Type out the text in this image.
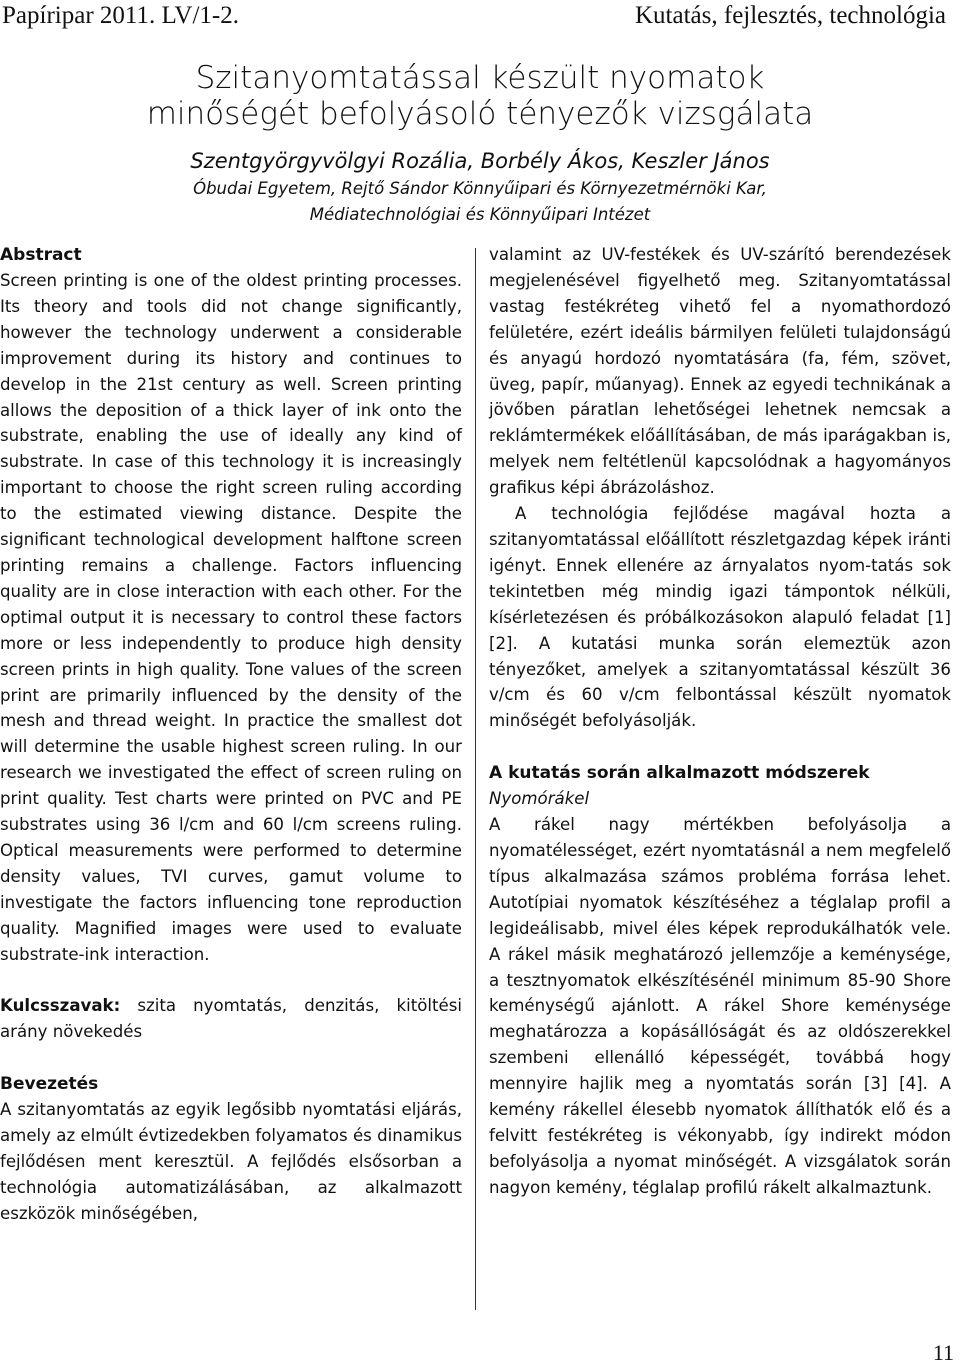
Papíripar 2011. LV/1-2.	Kutatás, fejlesztés, technológia
Szitanyomtatással készült nyomatok
minőségét befolyásoló tényezők vizsgálata
Szentgyörgyvölgyi Rozália, Borbély Ákos, Keszler János
Óbudai Egyetem, Rejtő Sándor Könnyűipari és Környezetmérnöki Kar,
Médiatechnológiai és Könnyűipari Intézet
Abstract

Screen printing is one of the oldest printing processes. Its theory and tools did not change significantly, however the technology underwent a considerable improvement during its history and continues to develop in the 21st century as well. Screen printing allows the deposition of a thick layer of ink onto the substrate, enabling the use of ideally any kind of substrate. In case of this technology it is increasingly important to choose the right screen ruling according to the estimated viewing distance. Despite the significant technological development halftone screen printing remains a challenge. Factors influencing quality are in close interaction with each other. For the optimal output it is necessary to control these factors more or less independently to produce high density screen prints in high quality. Tone values of the screen print are primarily influenced by the density of the mesh and thread weight. In practice the smallest dot will determine the usable highest screen ruling. In our research we investigated the effect of screen ruling on print quality. Test charts were printed on PVC and PE substrates using 36 l/cm and 60 l/cm screens ruling. Optical measurements were performed to determine density values, TVI curves, gamut volume to investigate the factors influencing tone reproduction quality. Magnified images were used to evaluate substrate-ink interaction.

Kulcsszavak: szita nyomtatás, denzitás, kitöltési arány növekedés

Bevezetés

A szitanyomtatás az egyik legősibb nyomtatási eljárás, amely az elmúlt évtizedekben folyamatos és dinamikus fejlődésen ment keresztül. A fejlődés elsősorban a technológia automatizálásában, az alkalmazott eszközök minőségében,

valamint az UV-festékek és UV-szárító berendezések megjelenésével figyelhető meg. Szitanyomtatással vastag festékréteg vihető fel a nyomathordozó felületére, ezért ideális bármilyen felületi tulajdonságú és anyagú hordozó nyomtatására (fa, fém, szövet, üveg, papír, műanyag). Ennek az egyedi technikának a jövőben páratlan lehetőségei lehetnek nemcsak a reklámtermékek előállításában, de más iparágakban is, melyek nem feltétlenül kapcsolódnak a hagyományos grafikus képi ábrázoláshoz.

A technológia fejlődése magával hozta a szitanyomtatással előállított részletgazdag képek iránti igényt. Ennek ellenére az árnyalatos nyom-tatás sok tekintetben még mindig igazi támpontok nélküli, kísérletezésen és próbálkozásokon alapuló feladat [1] [2]. A kutatási munka során elemeztük azon tényezőket, amelyek a szitanyomtatással készült 36 v/cm és 60 v/cm felbontással készült nyomatok minőségét befolyásolják.

A kutatás során alkalmazott módszerek

Nyomórákel

A rákel nagy mértékben befolyásolja a nyomatélességet, ezért nyomtatásnál a nem megfelelő típus alkalmazása számos probléma forrása lehet. Autotípiai nyomatok készítéséhez a téglalap profil a legideálisabb, mivel éles képek reprodukálhatók vele. A rákel másik meghatározó jellemzője a keménysége, a tesztnyomatok elkészítésénél minimum 85-90 Shore keménységű ajánlott. A rákel Shore keménysége meghatározza a kopásállóságát és az oldószerekkel szembeni ellenálló képességét, továbbá hogy mennyire hajlik meg a nyomtatás során [3] [4]. A kemény rákellel élesebb nyomatok állíthatók elő és a felvitt festékréteg is vékonyabb, így indirekt módon befolyásolja a nyomat minőségét. A vizsgálatok során nagyon kemény, téglalap profilú rákelt alkalmaztunk.

11
